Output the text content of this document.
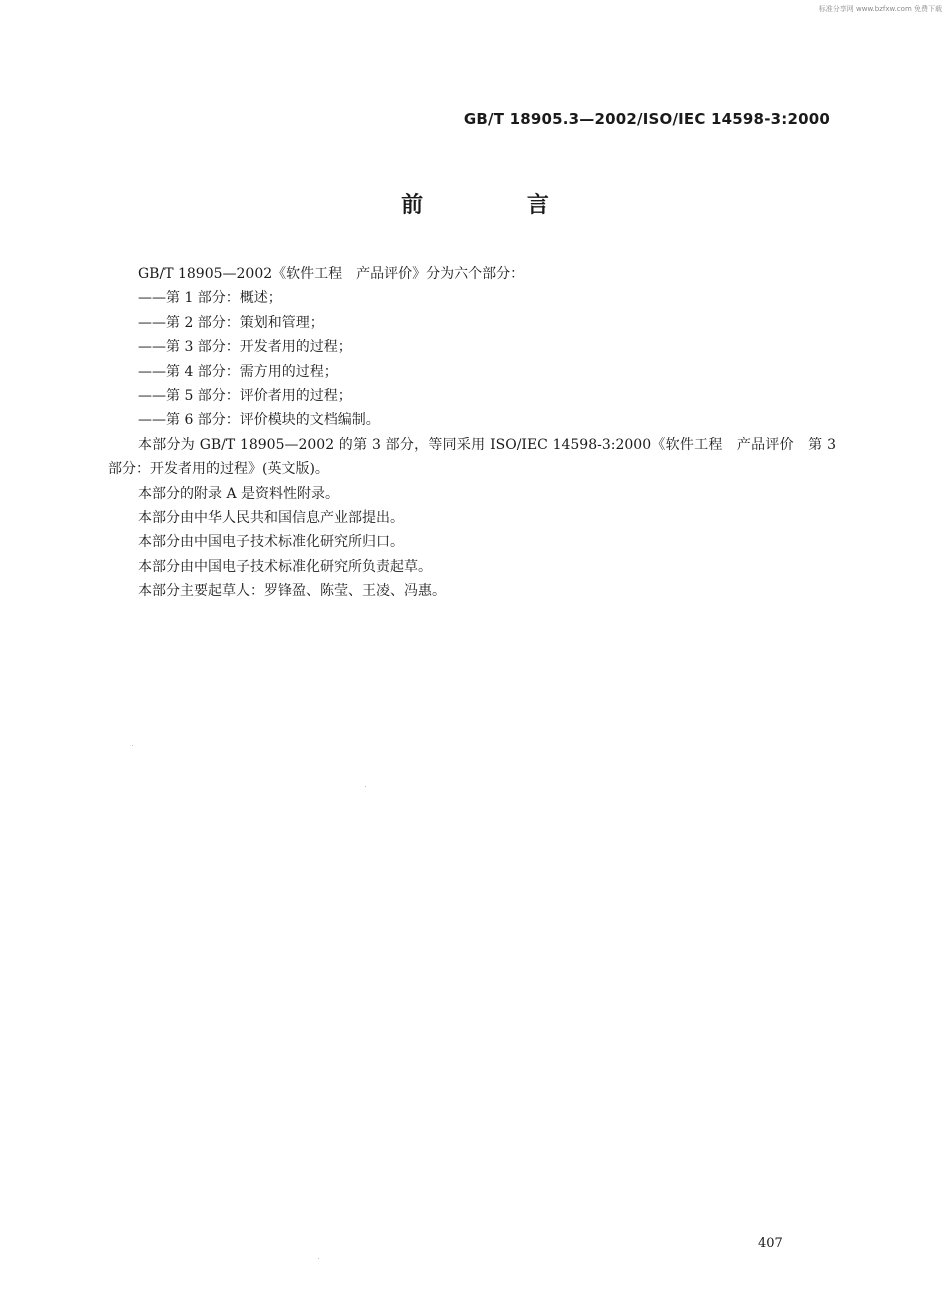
标准分享网 www.bzfxw.com 免费下载
GB/T 18905.3—2002/ISO/IEC 14598-3:2000
前 言

GB/T 18905—2002《软件工程　产品评价》分为六个部分：

——第 1 部分：概述；

——第 2 部分：策划和管理；

——第 3 部分：开发者用的过程；

——第 4 部分：需方用的过程；

——第 5 部分：评价者用的过程；

——第 6 部分：评价模块的文档编制。

本部分为 GB/T 18905—2002 的第 3 部分，等同采用 ISO/IEC 14598-3:2000《软件工程　产品评价　第 3 部分：开发者用的过程》(英文版)。

本部分的附录 A 是资料性附录。

本部分由中华人民共和国信息产业部提出。

本部分由中国电子技术标准化研究所归口。

本部分由中国电子技术标准化研究所负责起草。

本部分主要起草人：罗锋盈、陈莹、王凌、冯惠。

407
